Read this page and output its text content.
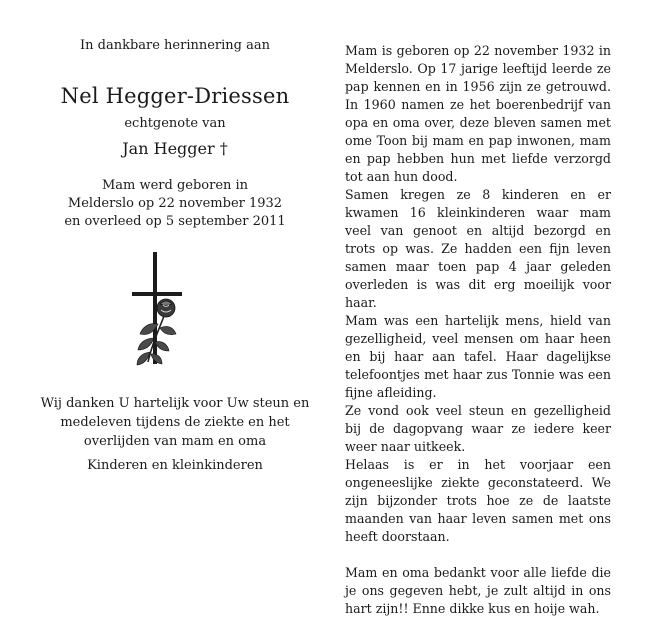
In dankbare herinnering aan
Nel Hegger-Driessen
echtgenote van
Jan Hegger †
Mam werd geboren in
Melderslo op 22 november 1932
en overleed op 5 september 2011
Wij danken U hartelijk voor Uw steun en
medeleven tijdens de ziekte en het
overlijden van mam en oma
Kinderen en kleinkinderen

Mam is geboren op 22 november 1932 in Melderslo. Op 17 jarige leeftijd leerde ze pap kennen en in 1956 zijn ze getrouwd. In 1960 namen ze het boerenbedrijf van opa en oma over, deze bleven samen met ome Toon bij mam en pap inwonen, mam en pap hebben hun met liefde verzorgd tot aan hun dood.

Samen kregen ze 8 kinderen en er kwamen 16 kleinkinderen waar mam veel van genoot en altijd bezorgd en trots op was. Ze hadden een fijn leven samen maar toen pap 4 jaar geleden overleden is was dit erg moeilijk voor haar.

Mam was een hartelijk mens, hield van gezelligheid, veel mensen om haar heen en bij haar aan tafel. Haar dagelijkse telefoontjes met haar zus Tonnie was een fijne afleiding.

Ze vond ook veel steun en gezelligheid bij de dagopvang waar ze iedere keer weer naar uitkeek.

Helaas is er in het voorjaar een ongeneeslijke ziekte geconstateerd. We zijn bijzonder trots hoe ze de laatste maanden van haar leven samen met ons heeft doorstaan.

Mam en oma bedankt voor alle liefde die je ons gegeven hebt, je zult altijd in ons hart zijn!! Enne dikke kus en hoije wah.
